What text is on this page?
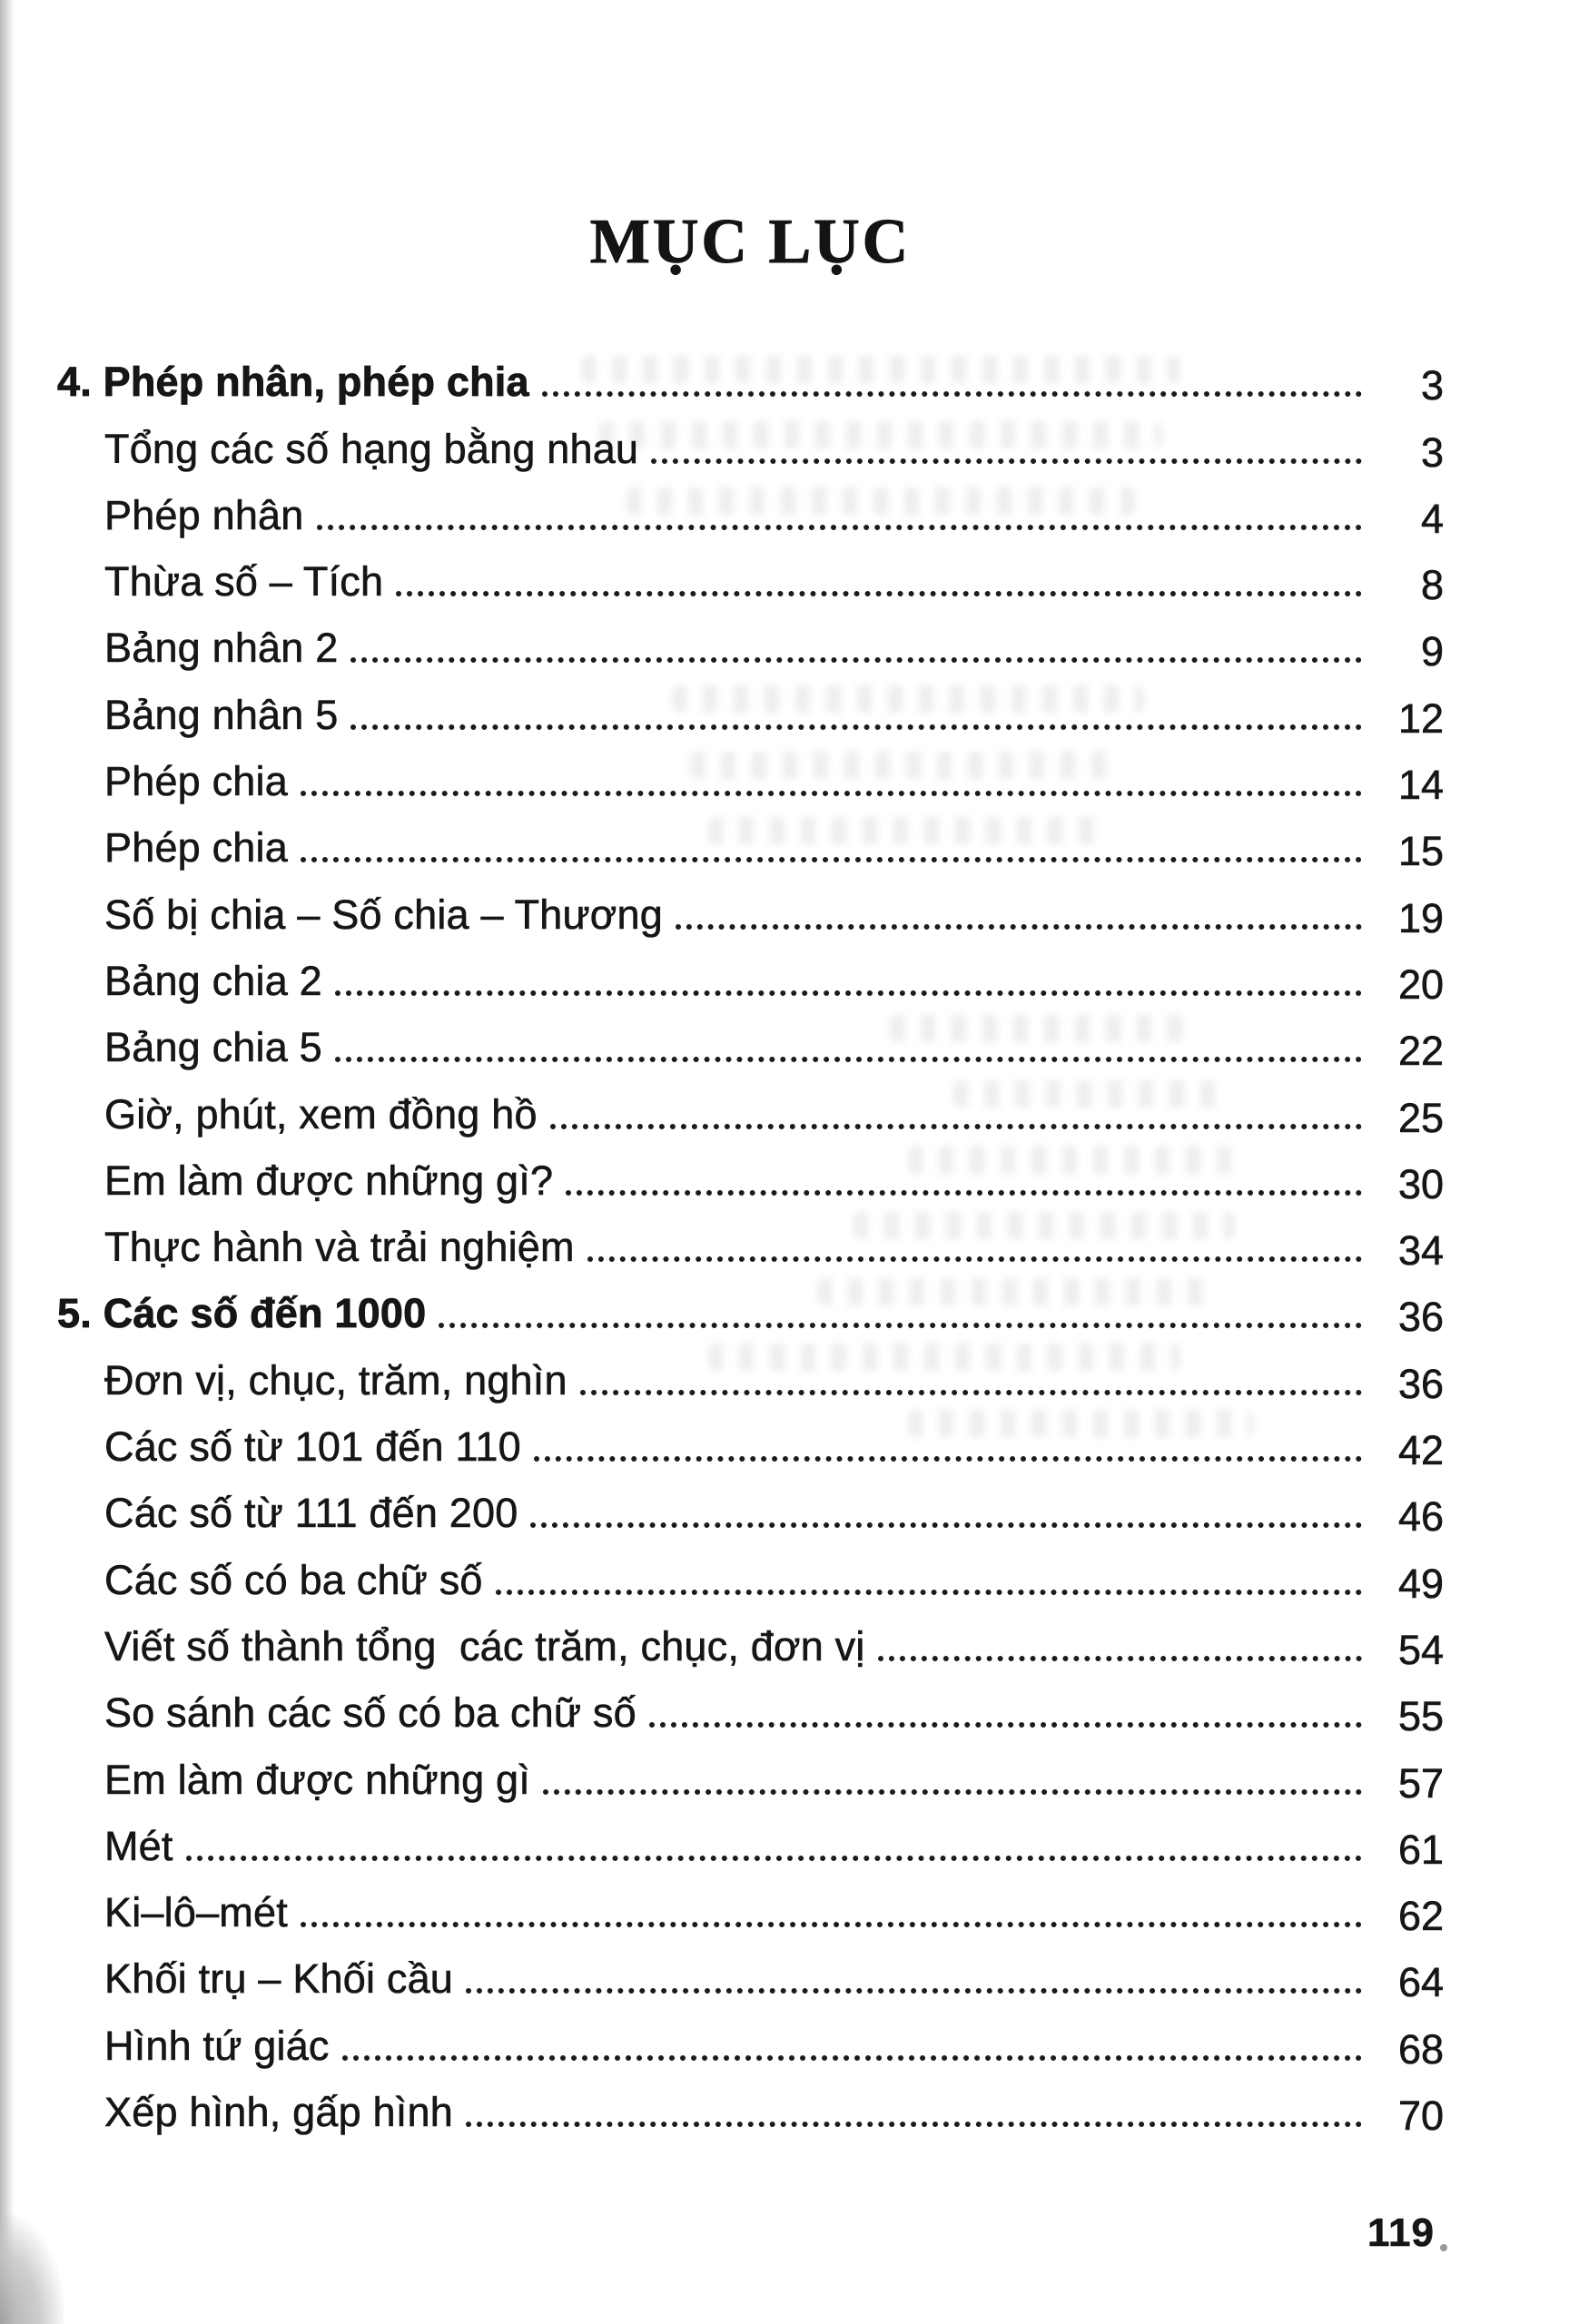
MỤC LỤC
4. Phép nhân, phép chia	3
Tổng các số hạng bằng nhau	3
Phép nhân	4
Thừa số – Tích	8
Bảng nhân 2	9
Bảng nhân 5	12
Phép chia	14
Phép chia	15
Số bị chia – Số chia – Thương	19
Bảng chia 2	20
Bảng chia 5	22
Giờ, phút, xem đồng hồ	25
Em làm được những gì?	30
Thực hành và trải nghiệm	34
5. Các số đến 1000	36
Đơn vị, chục, trăm, nghìn	36
Các số từ 101 đến 110	42
Các số từ 111 đến 200	46
Các số có ba chữ số	49
Viết số thành tổng  các trăm, chục, đơn vị	54
So sánh các số có ba chữ số	55
Em làm được những gì	57
Mét	61
Ki–lô–mét	62
Khối trụ – Khối cầu	64
Hình tứ giác	68
Xếp hình, gấp hình	70
119
